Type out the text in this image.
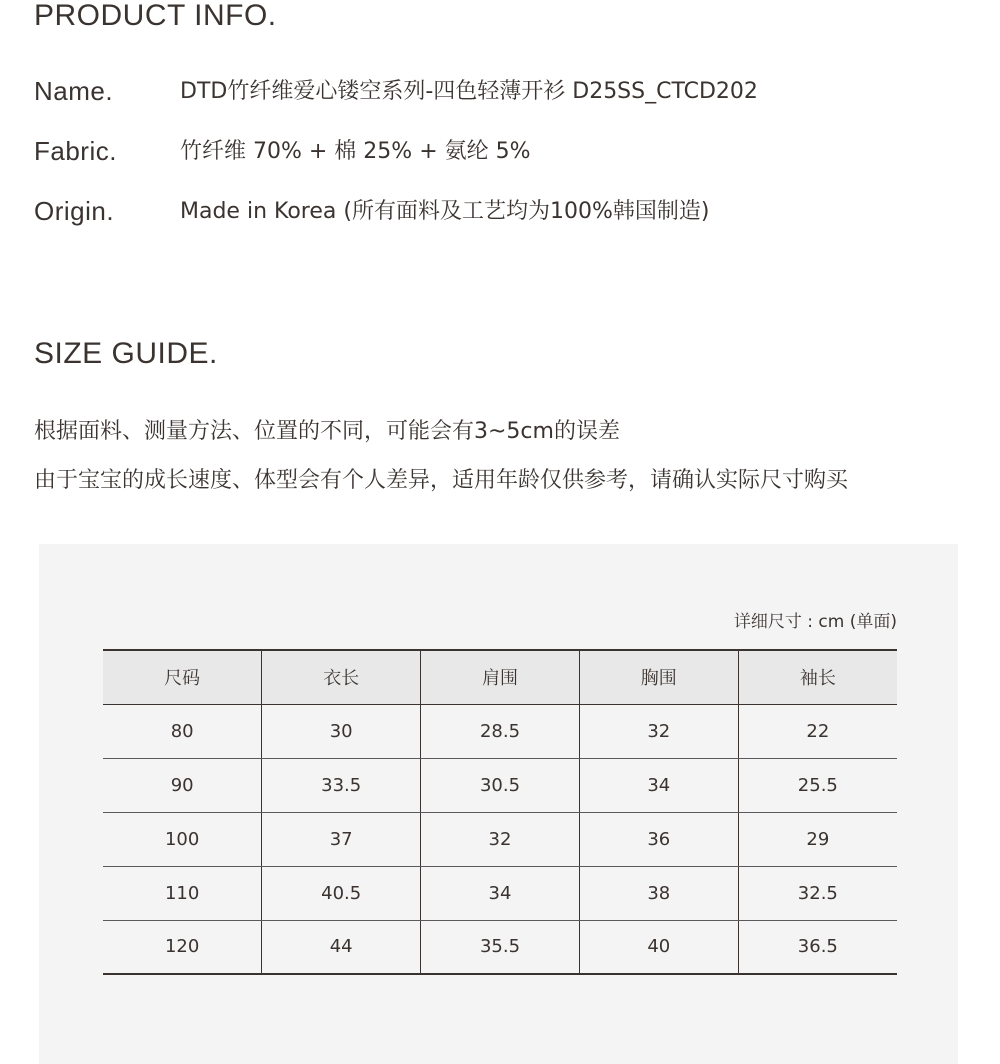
PRODUCT INFO.
Name.	DTD竹纤维爱心镂空系列-四色轻薄开衫 D25SS_CTCD202
Fabric.	竹纤维 70% + 棉 25% + 氨纶 5%
Origin.	Made in Korea (所有面料及工艺均为100%韩国制造)
SIZE GUIDE.
根据面料、测量方法、位置的不同，可能会有3~5cm的误差
由于宝宝的成长速度、体型会有个人差异，适用年龄仅供参考，请确认实际尺寸购买
详细尺寸 : cm (单面)
尺码	衣长	肩围	胸围	袖长
80	30	28.5	32	22
90	33.5	30.5	34	25.5
100	37	32	36	29
110	40.5	34	38	32.5
120	44	35.5	40	36.5
